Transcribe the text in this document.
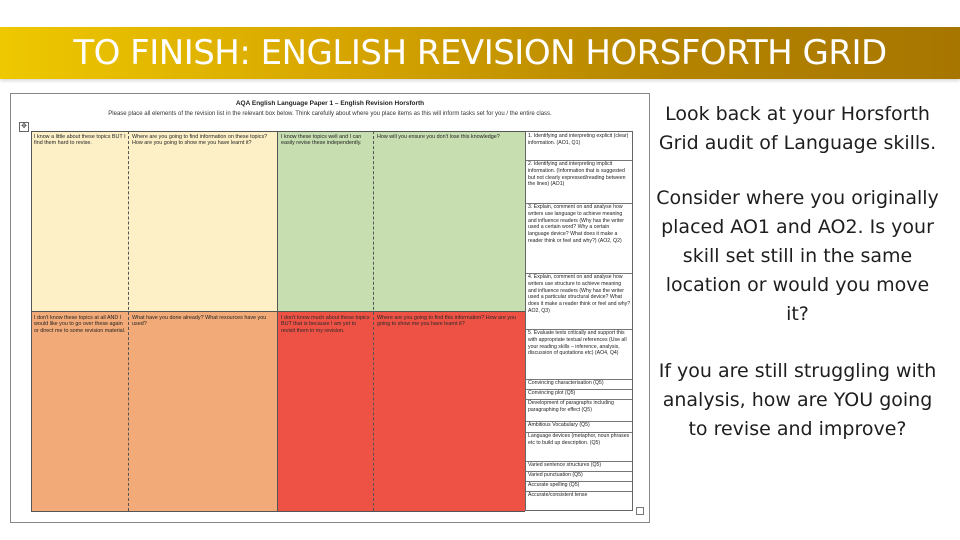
TO FINISH: ENGLISH REVISION HORSFORTH GRID
AQA English Language Paper 1 – English Revision Horsforth
Please place all elements of the revision list in the relevant box below. Think carefully about where you place items as this will inform tasks set for you / the entire class.
✥
I know a little about these topics BUT I find them hard to revise.
Where are you going to find information on these topics? How are you going to show me you have learnt it?
I know these topics well and I can easily revise these independently.
How will you ensure you don't lose this knowledge?
I don't know these topics at all AND I would like you to go over these again or direct me to some revision material.
What have you done already? What resources have you used?
I don't know much about these topics BUT that is because I am yet to revisit them in my revision.
Where are you going to find this information? How are you going to show me you have learnt it?
1. Identifying and interpreting explicit (clear) information. (AO1, Q1)
2. Identifying and interpreting implicit information. (Information that is suggested but not clearly expressed/reading between the lines) (AO1)
3. Explain, comment on and analyse how writers use language to achieve meaning and influence readers (Why has the writer used a certain word? Why a certain language device? What does it make a reader think or feel and why?) (AO2, Q2)
4. Explain, comment on and analyse how writers use structure to achieve meaning and influence readers (Why has the writer used a particular structural device? What does it make a reader think or feel and why? AO2, Q3)
5. Evaluate texts critically and support this with appropriate textual references (Use all your reading skills – inference, analysis, discussion of quotations etc) (AO4, Q4)
Convincing characterisation (Q5)
Convincing plot (Q5)
Development of paragraphs including paragraphing for effect (Q5)
Ambitious Vocabulary (Q5)
Language devices (metaphor, noun phrases etc to build up description. (Q5)
Varied sentence structures (Q5)
Varied punctuation (Q5)
Accurate spelling (Q5)
Accurate/consistent tense
Look back at your Horsforth Grid audit of Language skills.
Consider where you originally placed AO1 and AO2. Is your skill set still in the same location or would you move it?
If you are still struggling with analysis, how are YOU going to revise and improve?
